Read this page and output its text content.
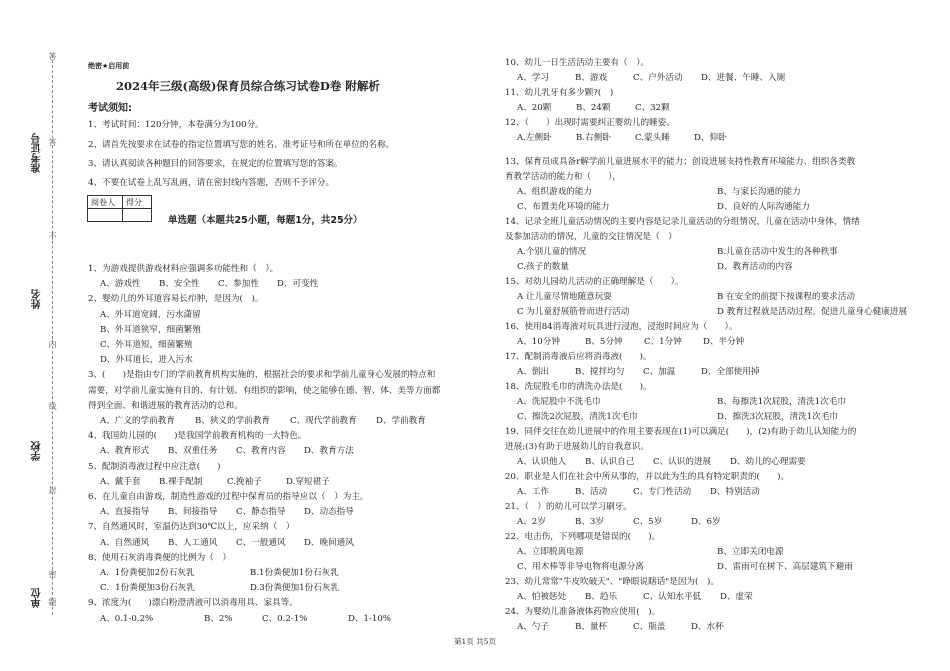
准考证号
姓名
学校
单位
答
答
不
内
线
封
密
题
绝密★启用前
2024年三级(高级)保育员综合练习试卷D卷 附解析
考试须知:
1、考试时间：120分钟，本卷满分为100分。
2、请首先按要求在试卷的指定位置填写您的姓名、准考证号和所在单位的名称。
3、请认真阅读各种题目的回答要求，在规定的位置填写您的答案。
4、不要在试卷上乱写乱画，请在密封线内答题，否则不予评分。
阅卷人	得分

单选题（本题共25小题，每题1分，共25分）
1、为游戏提供游戏材料应强调多功能性和（　）。
A、游戏性 B、安全性 C、参加性 D、可变性
2、婴幼儿的外耳道容易长疖肿，是因为(　)。
A、外耳道宽阔，污水潇留
B、外耳道狭窄，细菌繁殖
C、外耳道短，细菌繁殖
D、外耳道长，进入污水
3、(　　)是指由专门的学前教育机构实施的，根据社会的要求和学前儿童身心发展的特点和
需要，对学前儿童实施有目的、有计划、有组织的影响，使之能够在德、智、体、美等方面都
得到全面、和谐进展的教育活动的总和。
A、广义的学前教育 B、狭义的学前教育 C、现代学前教育 D、学前教育
4、我国幼儿园的(　　)是我国学前教育机构的一大特色。
A、教育形式 B、双重任务 C、教育内容 D、教育方法
5、配制消毒液过程中应注意(　　)
A、戴手套 B.裸手配制	C.挽袖子	D.穿短裙子
6、在儿童自由游戏，制造性游戏的过程中保育员的指导应以（　）为主。
A、直接指导 B、间接指导 C、静态指导 D、动态指导
7、自然通风时，室温仍达到30℃以上，应采纳（　）
A、自然通风 B、人工通风 C、一般通风 D、晚间通风
8、使用石灰消毒粪便的比例为（　）
A．1份粪便加2份石灰乳	B.1份粪便加1份石灰乳
C．1份粪便加3份石灰乳	D.3份粪便加1份石灰乳
9、浓度为(　　)漂白粉澄清液可以消毒用具、家具等。
A、0.1-0.2%	B、2%	C、0.2-1%	D、1-10%
10、幼儿一日生活活动主要有（　）。
A、学习	B、游戏	C、户外活动 D、进餐、午睡、入厕
11、幼儿乳牙有多少颗?(　)
A、20颗	B、24颗	C、32颗
12、（　　）出现时需要纠正婴幼儿的睡姿。
A.左侧卧	B.右侧卧	C.蒙头睡	D、仰卧
13、保育员成具备r解学前儿童进展水平的能力；创设进展支持性教育环境能力、组织各类教
育教学活动的能力和（　　），
A、组织游戏的能力	B、与家长沟通的能力
C、布置美化环境的能力	D、良好的人际沟通能力
14、记录全班儿童活动情况的主要内容是记录儿童活动的分组情况，儿童在活动中身体，情绪
及参加活动的情况，儿童的交往情况是（　）
A.个别儿童的情况	B.儿童在活动中发生的各种秩事
C.孩子的数量	D、教育活动的内容
15、对幼儿园幼儿活动的正确理解是（　　）。
A 让儿童尽情地随意玩耍	B 在安全的前提下按课程的要求活动
C 为儿童舒展筋骨而进行活动	D 教育过程就是活动过程，促进儿童身心健康进展
16、使用84消毒液对玩具进行浸泡，浸泡时间应为（　　）。
A、10分钟	B、5分钟 C、1分钟 D、半分钟
17、配制消毒液后应将消毒液(　　)。
A、倒出	B、搅拌均匀 C、加温	D、全部使用掉
18、洗屁股毛巾的清洗办法是(　　)。
A、洗屁股中不洗毛巾	B、每擦洗1次屁股，清洗1次毛巾
C、擦洗2次屁股，清洗1次毛巾	D、擦洗3次屁股，清洗1次毛巾
19、同伴交往在幼儿进展中的作用主要表现在(1)可以满足(　　)，(2)有助于幼儿认知能力的
进展;(3)有助于进展幼儿的自我意识。
A、认识他人 B、认识自己 C、认识的进展 D、幼儿的心理需要
20、职业是人们在社会中所从事的，并以此为生的具有特定职责的(　　)。
A、工作	B、活动	C、专门性活动 D、特别活动
21、（　）的幼儿可以学习刷牙。
A、2岁	B、3岁	C、5岁	D、6岁
22、电击伤，下列哪项是错误的(　　)。
A、立即脱离电源	B、立即关闭电源
C、用木棒等非导电物将电源分离	D、雷雨可在树下、高层建筑下避雨
23、幼儿常常"牛皮吹破天"、"睁眼说瞎话"是因为(　)。
A、怕被惩处 B、趋乐	C、认知水平低 D、虚荣
24、为婴幼儿准备液体药物应使用(　)。
A、勺子	B、量杯	C、瓶盖	D、水杯
第1页 共5页
